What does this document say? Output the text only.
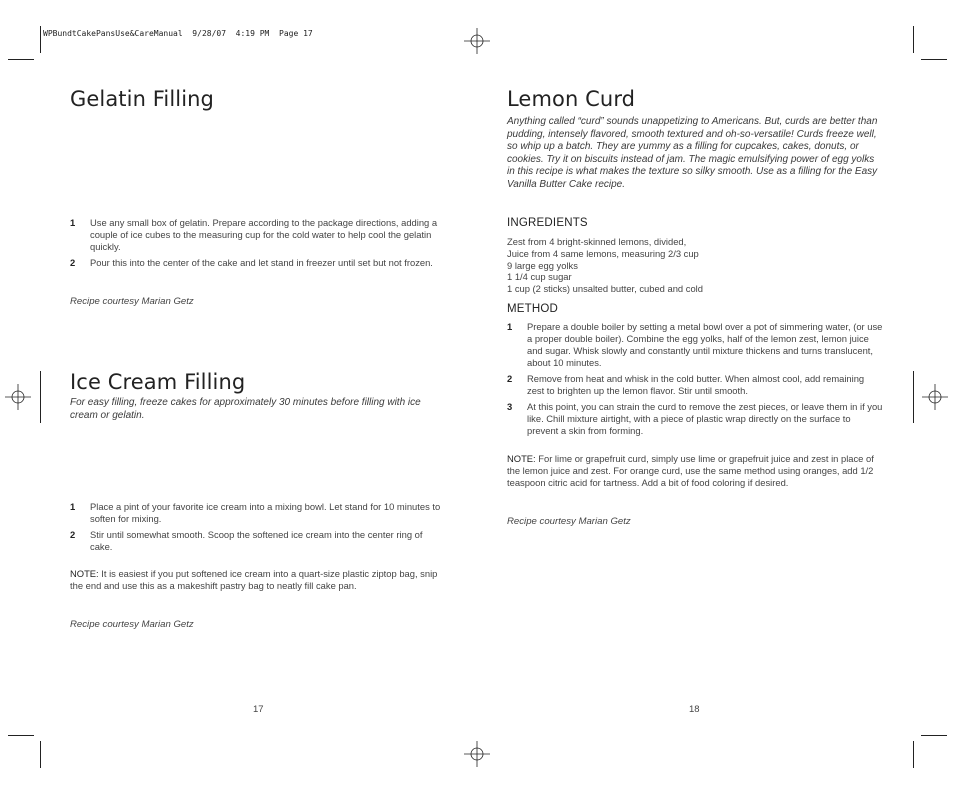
WPBundtCakePansUse&CareManual  9/28/07  4:19 PM  Page 17
Gelatin Filling
1 Use any small box of gelatin. Prepare according to the package directions, adding a couple of ice cubes to the measuring cup for the cold water to help cool the gelatin quickly.
2 Pour this into the center of the cake and let stand in freezer until set but not frozen.

Recipe courtesy Marian Getz

Ice Cream Filling

For easy filling, freeze cakes for approximately 30 minutes before filling with ice cream or gelatin.

1 Place a pint of your favorite ice cream into a mixing bowl. Let stand for 10 minutes to soften for mixing.
2 Stir until somewhat smooth. Scoop the softened ice cream into the center ring of cake.

NOTE: It is easiest if you put softened ice cream into a quart-size plastic ziptop bag, snip the end and use this as a makeshift pastry bag to neatly fill cake pan.

Recipe courtesy Marian Getz

17
Lemon Curd

Anything called “curd” sounds unappetizing to Americans. But, curds are better than pudding, intensely flavored, smooth textured and oh-so-versatile! Curds freeze well, so whip up a batch. They are yummy as a filling for cupcakes, cakes, donuts, or cookies. Try it on biscuits instead of jam. The magic emulsifying power of egg yolks in this recipe is what makes the texture so silky smooth. Use as a filling for the Easy Vanilla Butter Cake recipe.

INGREDIENTS

Zest from 4 bright-skinned lemons, divided,
Juice from 4 same lemons, measuring 2/3 cup
9 large egg yolks
1 1/4 cup sugar
1 cup (2 sticks) unsalted butter, cubed and cold

METHOD

1 Prepare a double boiler by setting a metal bowl over a pot of simmering water, (or use a proper double boiler). Combine the egg yolks, half of the lemon zest, lemon juice and sugar. Whisk slowly and constantly until mixture thickens and turns translucent, about 10 minutes.
2 Remove from heat and whisk in the cold butter. When almost cool, add remaining zest to brighten up the lemon flavor. Stir until smooth.
3 At this point, you can strain the curd to remove the zest pieces, or leave them in if you like. Chill mixture airtight, with a piece of plastic wrap directly on the surface to prevent a skin from forming.

NOTE: For lime or grapefruit curd, simply use lime or grapefruit juice and zest in place of the lemon juice and zest. For orange curd, use the same method using oranges, add 1/2 teaspoon citric acid for tartness. Add a bit of food coloring if desired.

Recipe courtesy Marian Getz

18
